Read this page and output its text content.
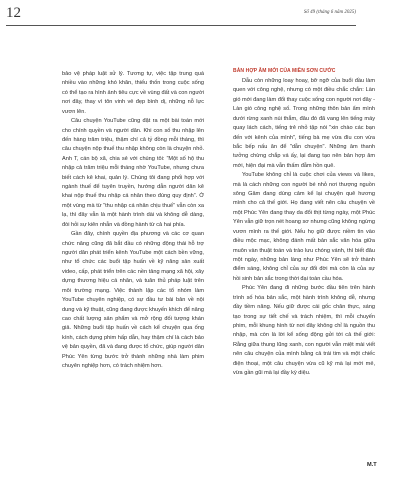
12	Số 49 (tháng 6 năm 2025)

bảo vệ pháp luật sử lý. Tương tự, việc tập trung quá nhiều vào những khó khăn, thiếu thốn trong cuộc sống có thể tạo ra hình ảnh tiêu cực về vùng đất và con người nơi đây, thay vì tôn vinh vẻ đẹp bình dị, những nỗ lực vươn lên.

Câu chuyện YouTube cũng đặt ra một bài toán mới cho chính quyền và người dân. Khi con số thu nhập lên đến hàng trăm triệu, thậm chí cả tỷ đồng mỗi tháng, thì câu chuyện nộp thuế thu nhập không còn là chuyện nhỏ. Anh T, cán bộ xã, chia sẻ với chúng tôi: “Một số hộ thu nhập cả trăm triệu mỗi tháng nhờ YouTube, nhưng chưa biết cách kê khai, quản lý. Chúng tôi đang phối hợp với ngành thuế để tuyên truyền, hướng dẫn người dân kê khai nộp thuế thu nhập cá nhân theo đúng quy định”. Ở một vùng mà từ “thu nhập cá nhân chịu thuế” vẫn còn xa lạ, thì đây vẫn là một hành trình dài và không dễ dàng, đòi hỏi sự kiên nhẫn và đồng hành từ cả hai phía.

Gần đây, chính quyền địa phương và các cơ quan chức năng cũng đã bắt đầu có những động thái hỗ trợ người dân phát triển kênh YouTube một cách bền vững, như tổ chức các buổi tập huấn về kỹ năng sản xuất video, cấp, phát triển trên các nền tảng mạng xã hội, xây dựng thương hiệu cá nhân, và tuân thủ pháp luật trên môi trường mạng. Việc thành lập các tổ nhóm làm YouTube chuyên nghiệp, có sự đầu tư bài bản về nội dung và kỹ thuật, cũng đang được khuyến khích để nâng cao chất lượng sản phẩm và mở rộng đối tượng khán giả. Những buổi tập huấn về cách kể chuyện qua ống kính, cách dựng phim hấp dẫn, hay thậm chí là cách bảo vệ bản quyền, đã và đang được tổ chức, giúp người dân Phúc Yên từng bước trở thành những nhà làm phim chuyên nghiệp hơn, có trách nhiệm hơn.

BẢN HỢP ÂM MỚI CỦA MIỀN SƠN CƯỚC

Dẫu còn những loay hoay, bỡ ngỡ của buổi đầu làm quen với công nghệ, nhưng có một điều chắc chắn: Làn gió mới đang làm đổi thay cuộc sống con người nơi đây - Làn gió công nghệ số. Trong những thôn bản ẩm mình dưới rừng xanh núi thẳm, đâu đó đã vang lên tiếng máy quay lách cách, tiếng trẻ nhỏ tập nói "xin chào các bạn đến với kênh của mình", tiếng bà mẹ vừa đìu con vừa bắc bếp nấu ăn để "dẫn chuyện". Những âm thanh tưởng chừng chắp vá ấy, lại đang tạo nên bản hợp âm mới, hiện đại mà vẫn thấm đẫm hồn quê.

YouTube không chỉ là cuộc chơi của views và likes, mà là cách những con người bé nhỏ nơi thượng nguồn sông Gâm đang dùng cảm kể lại chuyện quê hương mình cho cả thế giới. Họ đang viết nên câu chuyện về một Phúc Yên đang thay da đổi thịt từng ngày, một Phúc Yên vẫn giữ trọn nét hoang sơ nhưng cũng không ngừng vươn mình ra thế giới. Nếu họ giữ được niềm tin vào điều mộc mạc, không đánh mất bản sắc văn hóa giữa muôn vàn thuật toán và trào lưu chóng vánh, thì biết đâu một ngày, những bản làng như Phúc Yên sẽ trở thành điểm sáng, không chỉ của sự đổi đời mà còn là của sự hồi sinh bản sắc trong thời đại toàn cầu hóa.

Phúc Yên đang đi những bước đầu tiên trên hành trình số hóa bản sắc, một hành trình không dễ, nhưng đầy tiềm năng. Nếu giữ được cái gốc chân thực, sáng tạo trong sự tiết chế và trách nhiệm, thì mỗi chuyến phim, mỗi khung hình từ nơi đây không chỉ là nguồn thu nhập, mà còn là lời kể sống động gửi tới cả thế giới: Rằng giữa thung lũng xanh, con người vẫn miệt mài viết nên câu chuyện của mình bằng cả trái tim và một chiếc điện thoại, một câu chuyện vừa cũ kỹ mà lại mới mẻ, vừa gần gũi mà lại đầy kỳ diệu.

M.T
